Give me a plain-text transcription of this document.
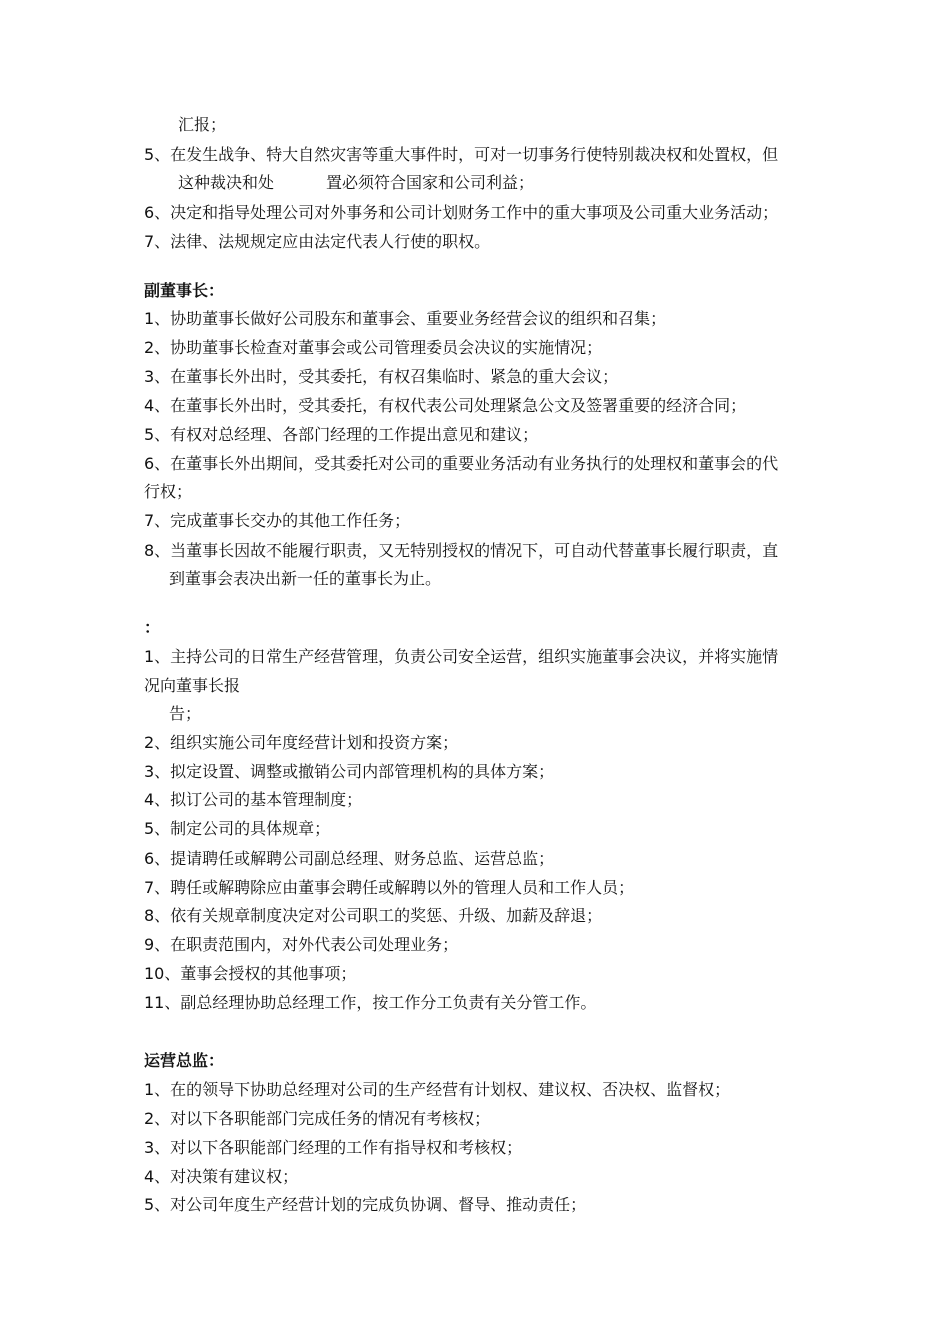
汇报；
5、在发生战争、特大自然灾害等重大事件时，可对一切事务行使特别裁决权和处置权，但
这种裁决和处	置必须符合国家和公司利益；
6、决定和指导处理公司对外事务和公司计划财务工作中的重大事项及公司重大业务活动；
7、法律、法规规定应由法定代表人行使的职权。
副董事长：
1、协助董事长做好公司股东和董事会、重要业务经营会议的组织和召集；
2、协助董事长检查对董事会或公司管理委员会决议的实施情况；
3、在董事长外出时，受其委托，有权召集临时、紧急的重大会议；
4、在董事长外出时，受其委托，有权代表公司处理紧急公文及签署重要的经济合同；
5、有权对总经理、各部门经理的工作提出意见和建议；
6、在董事长外出期间，受其委托对公司的重要业务活动有业务执行的处理权和董事会的代
行权；
7、完成董事长交办的其他工作任务；
8、当董事长因故不能履行职责，又无特别授权的情况下，可自动代替董事长履行职责，直
到董事会表决出新一任的董事长为止。
：
1、主持公司的日常生产经营管理，负责公司安全运营，组织实施董事会决议，并将实施情
况向董事长报
告；
2、组织实施公司年度经营计划和投资方案；
3、拟定设置、调整或撤销公司内部管理机构的具体方案；
4、拟订公司的基本管理制度；
5、制定公司的具体规章；
6、提请聘任或解聘公司副总经理、财务总监、运营总监；
7、聘任或解聘除应由董事会聘任或解聘以外的管理人员和工作人员；
8、依有关规章制度决定对公司职工的奖惩、升级、加薪及辞退；
9、在职责范围内，对外代表公司处理业务；
10、董事会授权的其他事项；
11、副总经理协助总经理工作，按工作分工负责有关分管工作。
运营总监：
1、在的领导下协助总经理对公司的生产经营有计划权、建议权、否决权、监督权；
2、对以下各职能部门完成任务的情况有考核权；
3、对以下各职能部门经理的工作有指导权和考核权；
4、对决策有建议权；
5、对公司年度生产经营计划的完成负协调、督导、推动责任；
